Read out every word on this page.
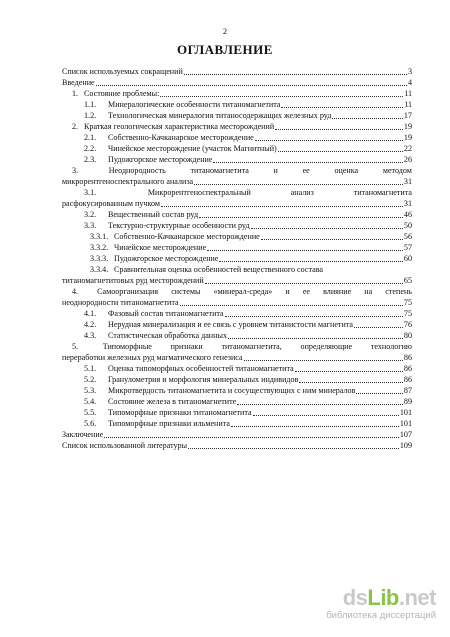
2
ОГЛАВЛЕНИЕ
Список используемых сокращений	3
Введение	4
1. Состояние проблемы:	11
1.1.	Минералогические особенности титаномагнетита	11
1.2.	Технологическая минералогия титаносодержащих железных руд	17
2. Краткая геологическая характеристика месторождений	19
2.1.	Собственно-Качканарское месторождение	19
2.2.	Чинейское месторождение (участок Магнитный)	22
2.3.	Пудожгорское месторождение	26
3.	Неоднородность	титаномагнетита	и	ее	оценка	методом
микрорентгеноспектрального анализа	31
3.1.	Микрорентгеноспектральный	анализ	титаномагнетита
расфокусированным пучком	31
3.2.	Вещественный состав руд	46
3.3.	Текстурно-структурные особенности руд	50
3.3.1. Собственно-Качканарское месторождение	56
3.3.2. Чинейское месторождение	57
3.3.3. Пудожгорское месторождение	60
3.3.4. Сравнительная оценка особенностей вещественного состава
титаномагнетитовых руд месторождений	65
4.	Самоорганизация системы «минерал-среда» и ее влияние на степень
неоднородности титаномагнетита	75
4.1.	Фазовый состав титаномагнетита	75
4.2.	Нерудная минерализация и ее связь с уровнем титанистости магнетита	76
4.3.	Статистическая обработка данных	80
5.	Типоморфные признаки титаномагнетита, определяющие технологию
переработки железных руд магматического генезиса	86
5.1.	Оценка типоморфных особенностей титаномагнетита	86
5.2.	Гранулометрия и морфология минеральных индивидов	86
5.3.	Микротвердость титаномагнетита и сосуществующих с ним минералов	87
5.4.	Состояние железа в титаномагнетите	89
5.5.	Типоморфные признаки титаномагнетита	101
5.6.	Типоморфные признаки ильменита	101
Заключение	107
Список использованной литературы	109
dsLib.net
библиотека диссертаций
